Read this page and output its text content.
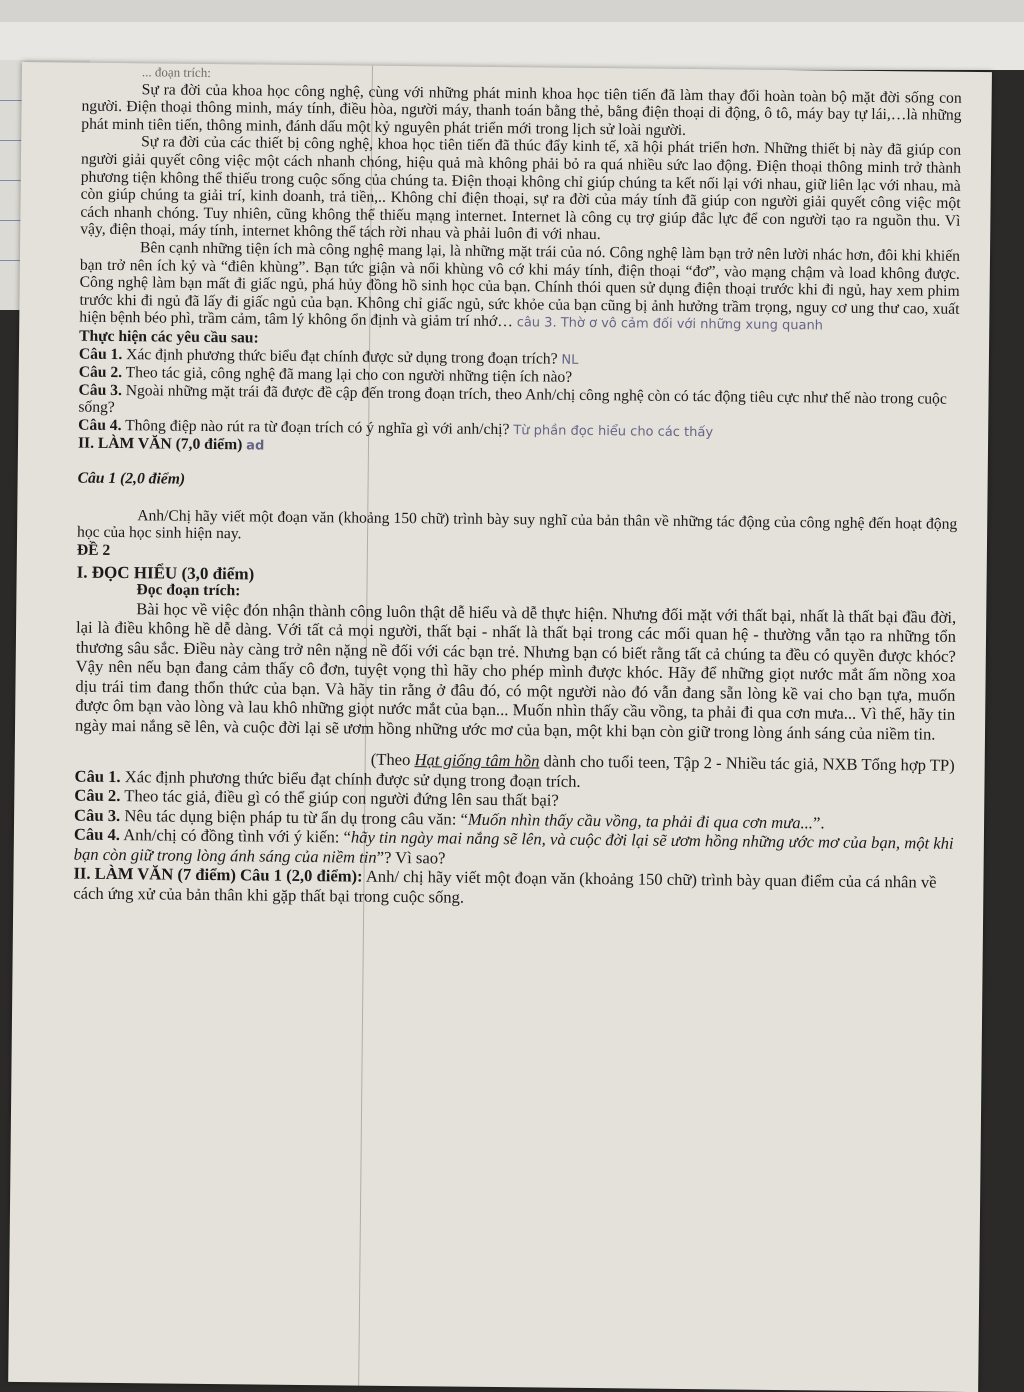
... đoạn trích:

Sự ra đời của khoa học công nghệ, cùng với những phát minh khoa học tiên tiến đã làm thay đổi hoàn toàn bộ mặt đời sống con người. Điện thoại thông minh, máy tính, điều hòa, người máy, thanh toán bằng thẻ, bằng điện thoại di động, ô tô, máy bay tự lái,…là những phát minh tiên tiến, thông minh, đánh dấu một kỷ nguyên phát triển mới trong lịch sử loài người.

Sự ra đời của các thiết bị công nghệ, khoa học tiên tiến đã thúc đẩy kinh tế, xã hội phát triển hơn. Những thiết bị này đã giúp con người giải quyết công việc một cách nhanh chóng, hiệu quả mà không phải bỏ ra quá nhiều sức lao động. Điện thoại thông minh trở thành phương tiện không thể thiếu trong cuộc sống của chúng ta. Điện thoại không chỉ giúp chúng ta kết nối lại với nhau, giữ liên lạc với nhau, mà còn giúp chúng ta giải trí, kinh doanh, trả tiền,.. Không chỉ điện thoại, sự ra đời của máy tính đã giúp con người giải quyết công việc một cách nhanh chóng. Tuy nhiên, cũng không thể thiếu mạng internet. Internet là công cụ trợ giúp đắc lực để con người tạo ra nguồn thu. Vì vậy, điện thoại, máy tính, internet không thể tách rời nhau và phải luôn đi với nhau.

Bên cạnh những tiện ích mà công nghệ mang lại, là những mặt trái của nó. Công nghệ làm bạn trở nên lười nhác hơn, đôi khi khiến bạn trở nên ích kỷ và “điên khùng”. Bạn tức giận và nổi khùng vô cớ khi máy tính, điện thoại “đơ”, vào mạng chậm và load không được. Công nghệ làm bạn mất đi giấc ngủ, phá hủy đồng hồ sinh học của bạn. Chính thói quen sử dụng điện thoại trước khi đi ngủ, hay xem phim trước khi đi ngủ đã lấy đi giấc ngủ của bạn. Không chỉ giấc ngủ, sức khỏe của bạn cũng bị ảnh hưởng trầm trọng, nguy cơ ung thư cao, xuất hiện bệnh béo phì, trầm cảm, tâm lý không ổn định và giảm trí nhớ… câu 3. Thờ ơ vô cảm đối với những xung quanh

Thực hiện các yêu cầu sau:

Câu 1. Xác định phương thức biểu đạt chính được sử dụng trong đoạn trích? NL

Câu 2. Theo tác giả, công nghệ đã mang lại cho con người những tiện ích nào?

Câu 3. Ngoài những mặt trái đã được đề cập đến trong đoạn trích, theo Anh/chị công nghệ còn có tác động tiêu cực như thế nào trong cuộc sống?

Câu 4. Thông điệp nào rút ra từ đoạn trích có ý nghĩa gì với anh/chị? Từ phần đọc hiểu cho các thấy

II. LÀM VĂN (7,0 điểm) ad

Câu 1 (2,0 điểm)

Anh/Chị hãy viết một đoạn văn (khoảng 150 chữ) trình bày suy nghĩ của bản thân về những tác động của công nghệ đến hoạt động học của học sinh hiện nay.

ĐỀ 2

I. ĐỌC HIỂU (3,0 điểm)

Đọc đoạn trích:

Bài học về việc đón nhận thành công luôn thật dễ hiểu và dễ thực hiện. Nhưng đối mặt với thất bại, nhất là thất bại đầu đời, lại là điều không hề dễ dàng. Với tất cả mọi người, thất bại - nhất là thất bại trong các mối quan hệ - thường vẫn tạo ra những tổn thương sâu sắc. Điều này càng trở nên nặng nề đối với các bạn trẻ. Nhưng bạn có biết rằng tất cả chúng ta đều có quyền được khóc? Vậy nên nếu bạn đang cảm thấy cô đơn, tuyệt vọng thì hãy cho phép mình được khóc. Hãy để những giọt nước mắt ấm nồng xoa dịu trái tim đang thổn thức của bạn. Và hãy tin rằng ở đâu đó, có một người nào đó vẫn đang sẵn lòng kề vai cho bạn tựa, muốn được ôm bạn vào lòng và lau khô những giọt nước mắt của bạn... Muốn nhìn thấy cầu vồng, ta phải đi qua cơn mưa... Vì thế, hãy tin ngày mai nắng sẽ lên, và cuộc đời lại sẽ ươm hồng những ước mơ của bạn, một khi bạn còn giữ trong lòng ánh sáng của niềm tin.

(Theo Hạt giống tâm hồn dành cho tuổi teen, Tập 2 - Nhiều tác giả, NXB Tổng hợp TP)

Câu 1. Xác định phương thức biểu đạt chính được sử dụng trong đoạn trích.

Câu 2. Theo tác giả, điều gì có thể giúp con người đứng lên sau thất bại?

Câu 3. Nêu tác dụng biện pháp tu từ ẩn dụ trong câu văn: “Muốn nhìn thấy cầu vồng, ta phải đi qua cơn mưa...”.

Câu 4. Anh/chị có đồng tình với ý kiến: “hãy tin ngày mai nắng sẽ lên, và cuộc đời lại sẽ ươm hồng những ước mơ của bạn, một khi bạn còn giữ trong lòng ánh sáng của niềm tin”? Vì sao?

II. LÀM VĂN (7 điểm) Câu 1 (2,0 điểm): Anh/ chị hãy viết một đoạn văn (khoảng 150 chữ) trình bày quan điểm của cá nhân về cách ứng xử của bản thân khi gặp thất bại trong cuộc sống.
